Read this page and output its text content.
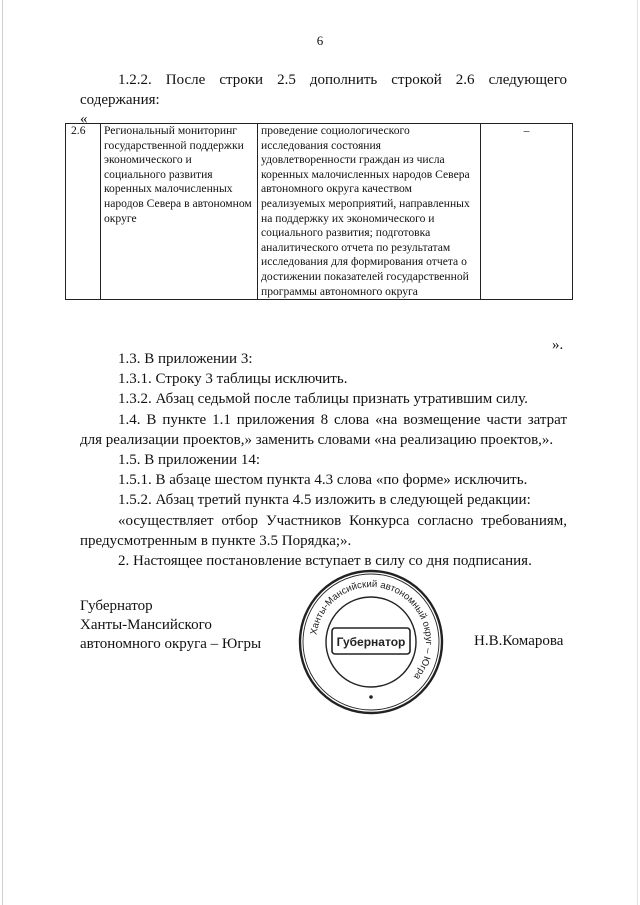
6
1.2.2. После строки 2.5 дополнить строкой 2.6 следующего
содержания:
«
2.6	Региональный мониторинг государственной поддержки экономического и социального развития коренных малочисленных народов Севера в автономном округе	проведение социологического исследования состояния удовлетворенности граждан из числа коренных малочисленных народов Севера автономного округа качеством реализуемых мероприятий, направленных на поддержку их экономического и социального развития; подготовка аналитического отчета по результатам исследования для формирования отчета о достижении показателей государственной программы автономного округа	–
».

1.3. В приложении 3:

1.3.1. Строку 3 таблицы исключить.

1.3.2. Абзац седьмой после таблицы признать утратившим силу.

1.4. В пункте 1.1 приложения 8 слова «на возмещение части затрат

для реализации проектов,» заменить словами «на реализацию проектов,».

1.5. В приложении 14:

1.5.1. В абзаце шестом пункта 4.3 слова «по форме» исключить.

1.5.2. Абзац третий пункта 4.5 изложить в следующей редакции:

«осуществляет отбор Участников Конкурса согласно требованиям,

предусмотренным в пункте 3.5 Порядка;».

2. Настоящее постановление вступает в силу со дня подписания.

Губернатор
Ханты-Мансийского
автономного округа – Югры	Н.В.Комарова
Ханты-Мансийский автономный округ – Югра
Губернатор
